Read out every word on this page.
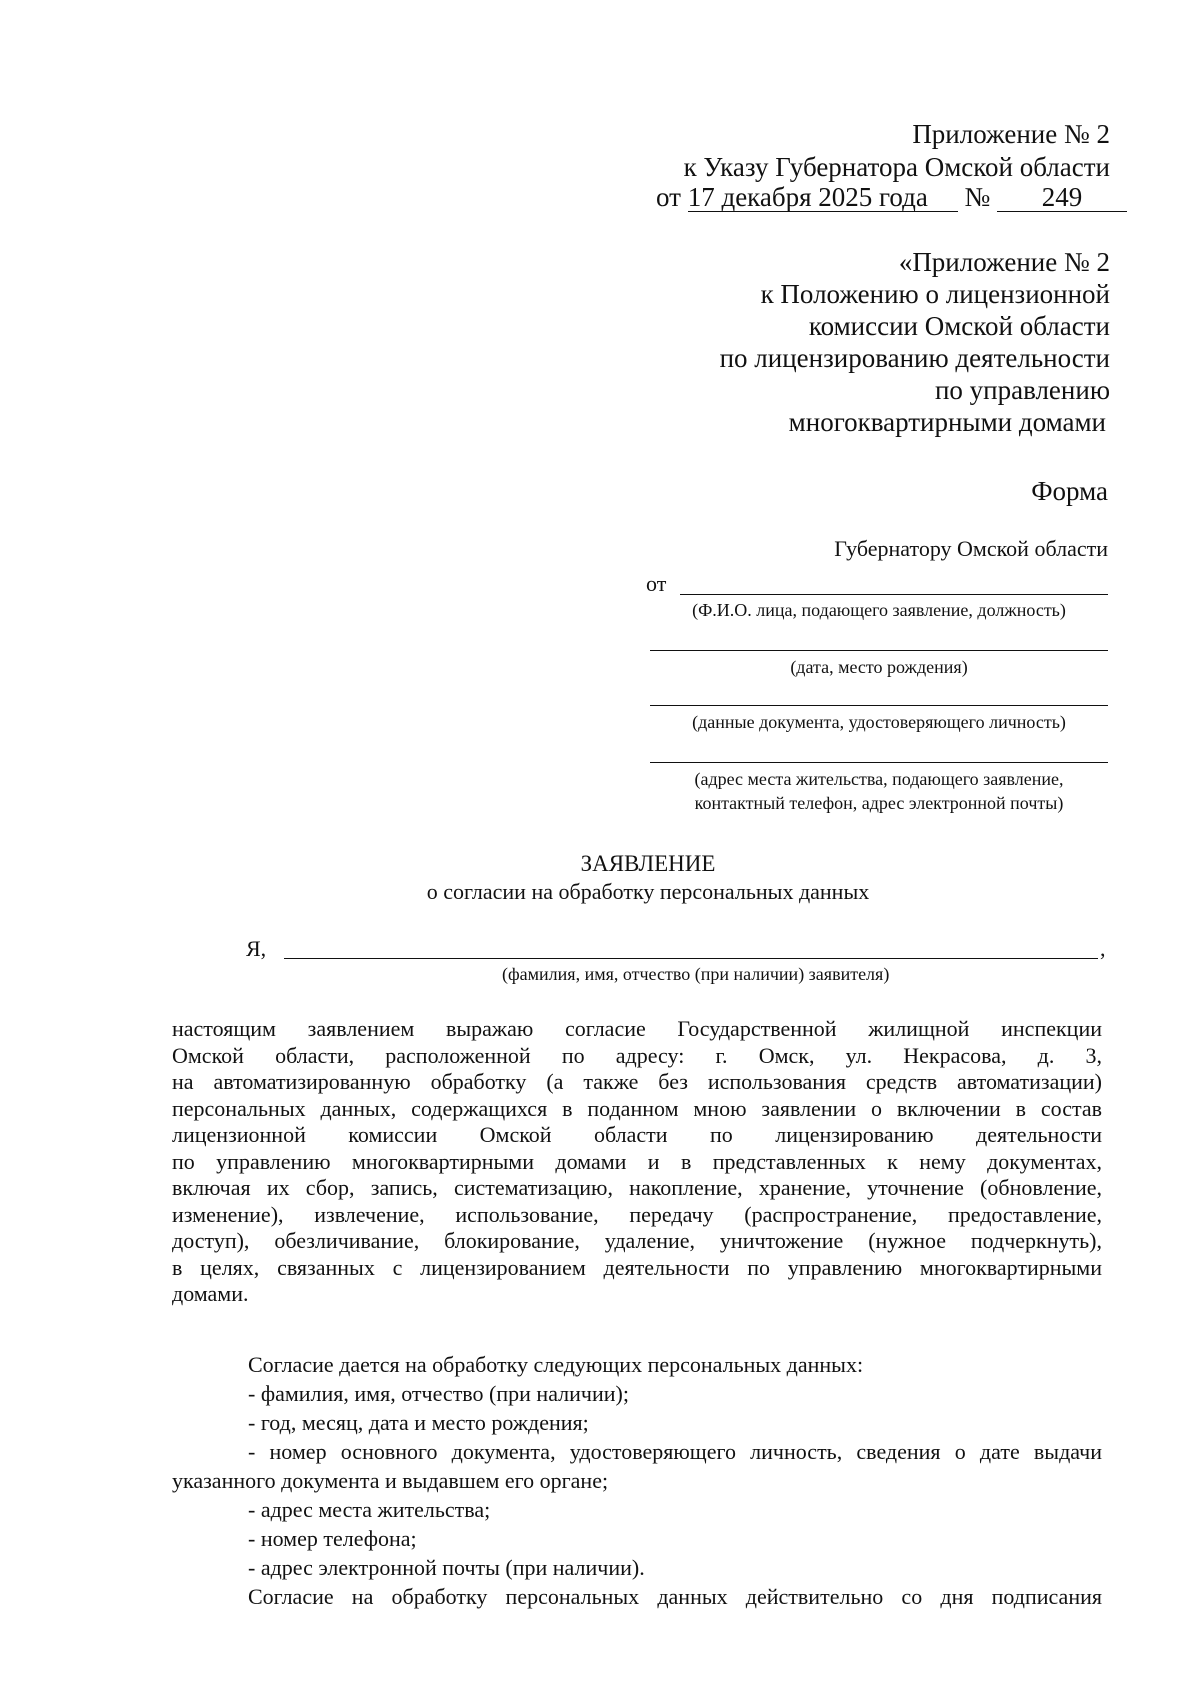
Приложение № 2
к Указу Губернатора Омской области
от 17 декабря 2025 года № 249
«Приложение № 2
к Положению о лицензионной
комиссии Омской области
по лицензированию деятельности
по управлению
многоквартирными домами
Форма
Губернатору Омской области
от
(Ф.И.О. лица, подающего заявление, должность)
(дата, место рождения)
(данные документа, удостоверяющего личность)
(адрес места жительства, подающего заявление,
контактный телефон, адрес электронной почты)
ЗАЯВЛЕНИЕ
о согласии на обработку персональных данных
Я,	,
(фамилия, имя, отчество (при наличии) заявителя)
настоящим заявлением выражаю согласие Государственной жилищной инспекции
Омской области, расположенной по адресу: г. Омск, ул. Некрасова, д. 3,
на автоматизированную обработку (а также без использования средств автоматизации)
персональных данных, содержащихся в поданном мною заявлении о включении в состав
лицензионной комиссии Омской области по лицензированию деятельности
по управлению многоквартирными домами и в представленных к нему документах,
включая их сбор, запись, систематизацию, накопление, хранение, уточнение (обновление,
изменение), извлечение, использование, передачу (распространение, предоставление,
доступ), обезличивание, блокирование, удаление, уничтожение (нужное подчеркнуть),
в целях, связанных с лицензированием деятельности по управлению многоквартирными
домами.
Согласие дается на обработку следующих персональных данных:
- фамилия, имя, отчество (при наличии);
- год, месяц, дата и место рождения;
- номер основного документа, удостоверяющего личность, сведения о дате выдачи
указанного документа и выдавшем его органе;
- адрес места жительства;
- номер телефона;
- адрес электронной почты (при наличии).
Согласие на обработку персональных данных действительно со дня подписания
